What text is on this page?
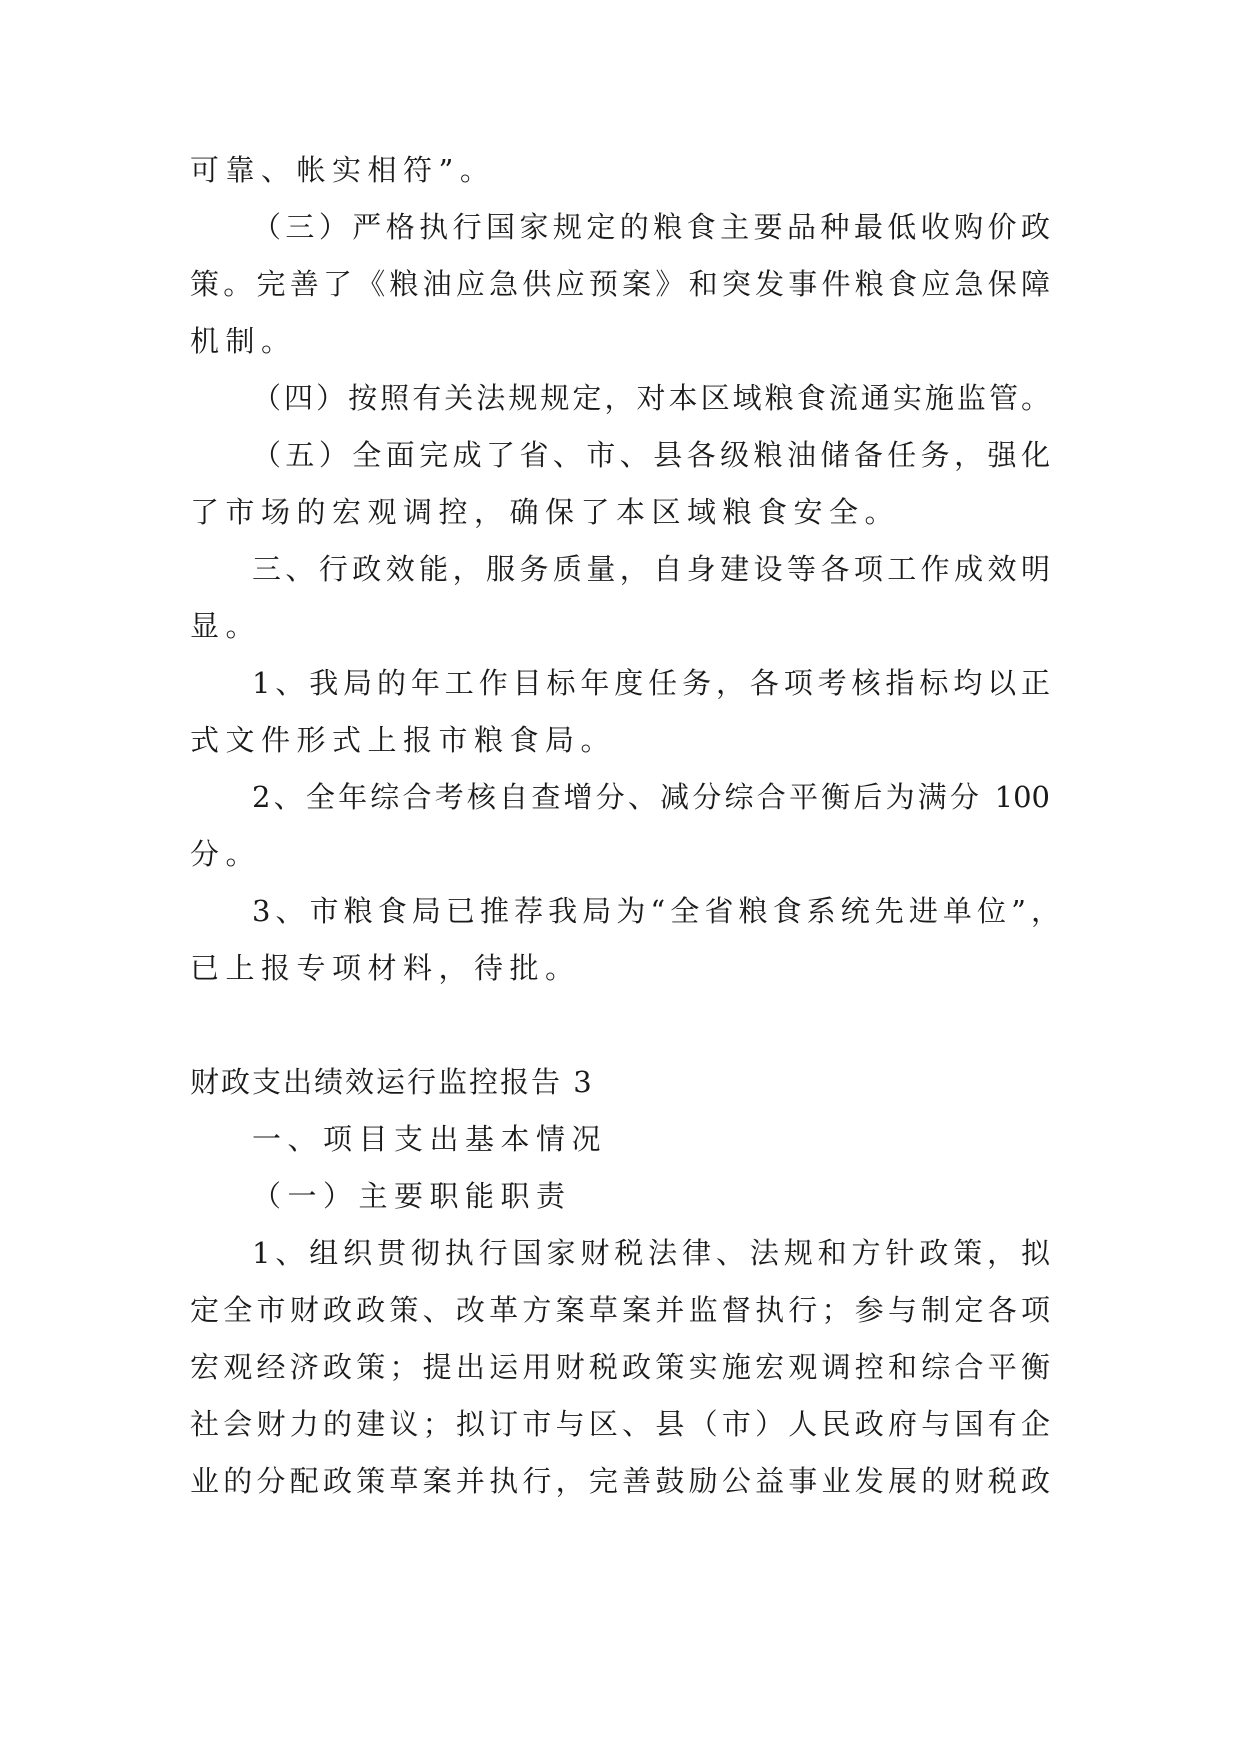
可靠、帐实相符”。
（三）严格执行国家规定的粮食主要品种最低收购价政
策。完善了《粮油应急供应预案》和突发事件粮食应急保障
机制。
（四）按照有关法规规定，对本区域粮食流通实施监管。
（五）全面完成了省、市、县各级粮油储备任务，强化
了市场的宏观调控，确保了本区域粮食安全。
三、行政效能，服务质量，自身建设等各项工作成效明
显。
1、我局的年工作目标年度任务，各项考核指标均以正
式文件形式上报市粮食局。
2、全年综合考核自查增分、减分综合平衡后为满分 100
分。
3、市粮食局已推荐我局为“全省粮食系统先进单位”，
已上报专项材料，待批。
财政支出绩效运行监控报告 3
一、项目支出基本情况
（一）主要职能职责
1、组织贯彻执行国家财税法律、法规和方针政策，拟
定全市财政政策、改革方案草案并监督执行；参与制定各项
宏观经济政策；提出运用财税政策实施宏观调控和综合平衡
社会财力的建议；拟订市与区、县（市）人民政府与国有企
业的分配政策草案并执行，完善鼓励公益事业发展的财税政
